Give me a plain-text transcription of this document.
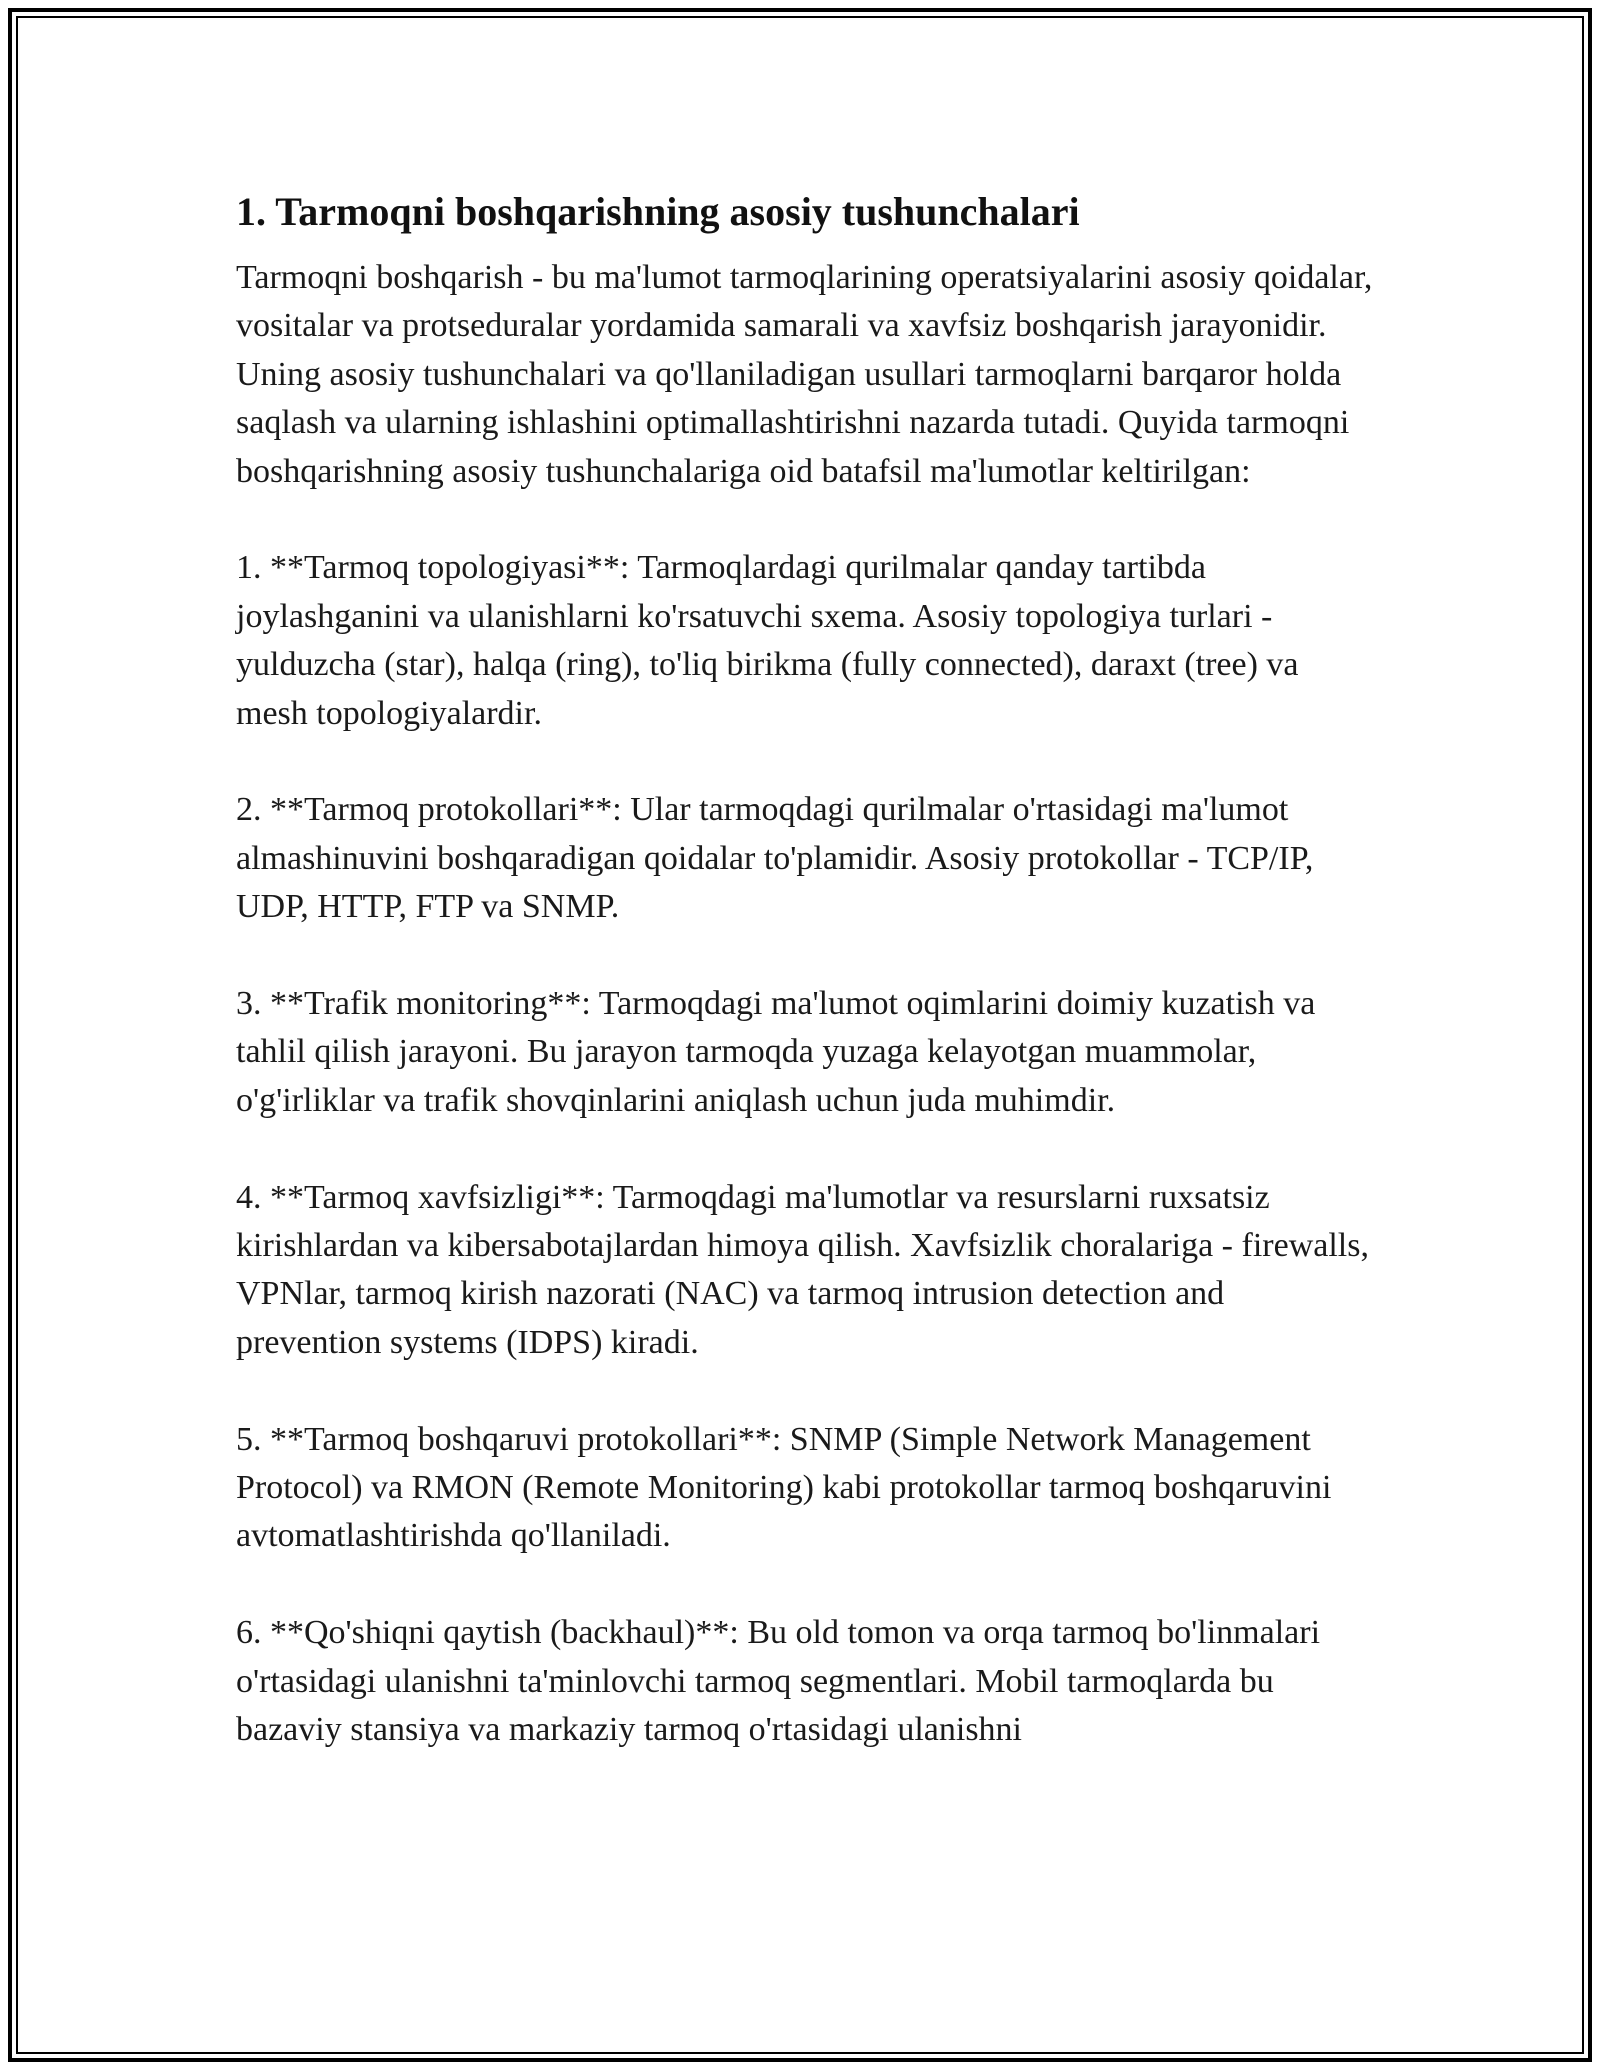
1. Tarmoqni boshqarishning asosiy tushunchalari

Tarmoqni boshqarish - bu ma'lumot tarmoqlarining operatsiyalarini asosiy qoidalar, vositalar va protseduralar yordamida samarali va xavfsiz boshqarish jarayonidir. Uning asosiy tushunchalari va qo'llaniladigan usullari tarmoqlarni barqaror holda saqlash va ularning ishlashini optimallashtirishni nazarda tutadi. Quyida tarmoqni boshqarishning asosiy tushunchalariga oid batafsil ma'lumotlar keltirilgan:

1. **Tarmoq topologiyasi**: Tarmoqlardagi qurilmalar qanday tartibda joylashganini va ulanishlarni ko'rsatuvchi sxema. Asosiy topologiya turlari - yulduzcha (star), halqa (ring), to'liq birikma (fully connected), daraxt (tree) va mesh topologiyalardir.

2. **Tarmoq protokollari**: Ular tarmoqdagi qurilmalar o'rtasidagi ma'lumot almashinuvini boshqaradigan qoidalar to'plamidir. Asosiy protokollar - TCP/IP, UDP, HTTP, FTP va SNMP.

3. **Trafik monitoring**: Tarmoqdagi ma'lumot oqimlarini doimiy kuzatish va tahlil qilish jarayoni. Bu jarayon tarmoqda yuzaga kelayotgan muammolar, o'g'irliklar va trafik shovqinlarini aniqlash uchun juda muhimdir.

4. **Tarmoq xavfsizligi**: Tarmoqdagi ma'lumotlar va resurslarni ruxsatsiz kirishlardan va kibersabotajlardan himoya qilish. Xavfsizlik choralariga - firewalls, VPNlar, tarmoq kirish nazorati (NAC) va tarmoq intrusion detection and prevention systems (IDPS) kiradi.

5. **Tarmoq boshqaruvi protokollari**: SNMP (Simple Network Management Protocol) va RMON (Remote Monitoring) kabi protokollar tarmoq boshqaruvini avtomatlashtirishda qo'llaniladi.

6. **Qo'shiqni qaytish (backhaul)**: Bu old tomon va orqa tarmoq bo'linmalari o'rtasidagi ulanishni ta'minlovchi tarmoq segmentlari. Mobil tarmoqlarda bu bazaviy stansiya va markaziy tarmoq o'rtasidagi ulanishni
